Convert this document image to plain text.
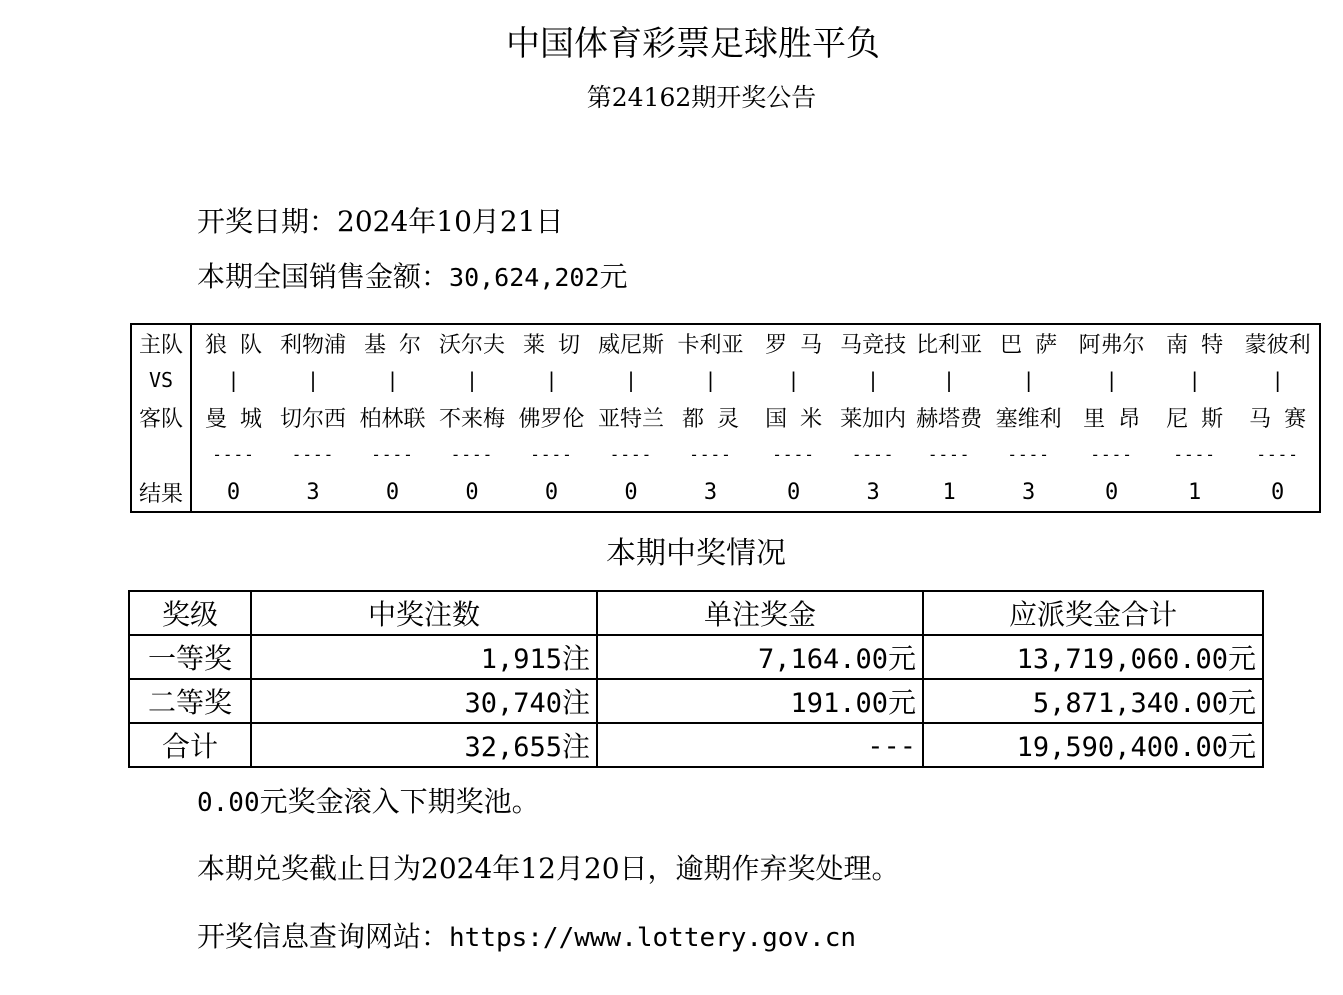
中国体育彩票足球胜平负
第24162期开奖公告
开奖日期：2024年10月21日
本期全国销售金额：30,624,202元
主队	狼队	利物浦	基尔	沃尔夫	莱切	威尼斯	卡利亚	罗马	马竞技	比利亚	巴萨	阿弗尔	南特	蒙彼利
VS	|	|	|	|	|	|	|	|	|	|	|	|	|	|
客队	曼城	切尔西	柏林联	不来梅	佛罗伦	亚特兰	都灵	国米	莱加内	赫塔费	塞维利	里昂	尼斯	马赛
	----	----	----	----	----	----	----	----	----	----	----	----	----	----
结果	0	3	0	0	0	0	3	0	3	1	3	0	1	0
本期中奖情况
奖级	中奖注数	单注奖金	应派奖金合计
一等奖	1,915注	7,164.00元	13,719,060.00元
二等奖	30,740注	191.00元	5,871,340.00元
合计	32,655注	---	19,590,400.00元
0.00元奖金滚入下期奖池。
本期兑奖截止日为2024年12月20日，逾期作弃奖处理。
开奖信息查询网站：https://www.lottery.gov.cn
